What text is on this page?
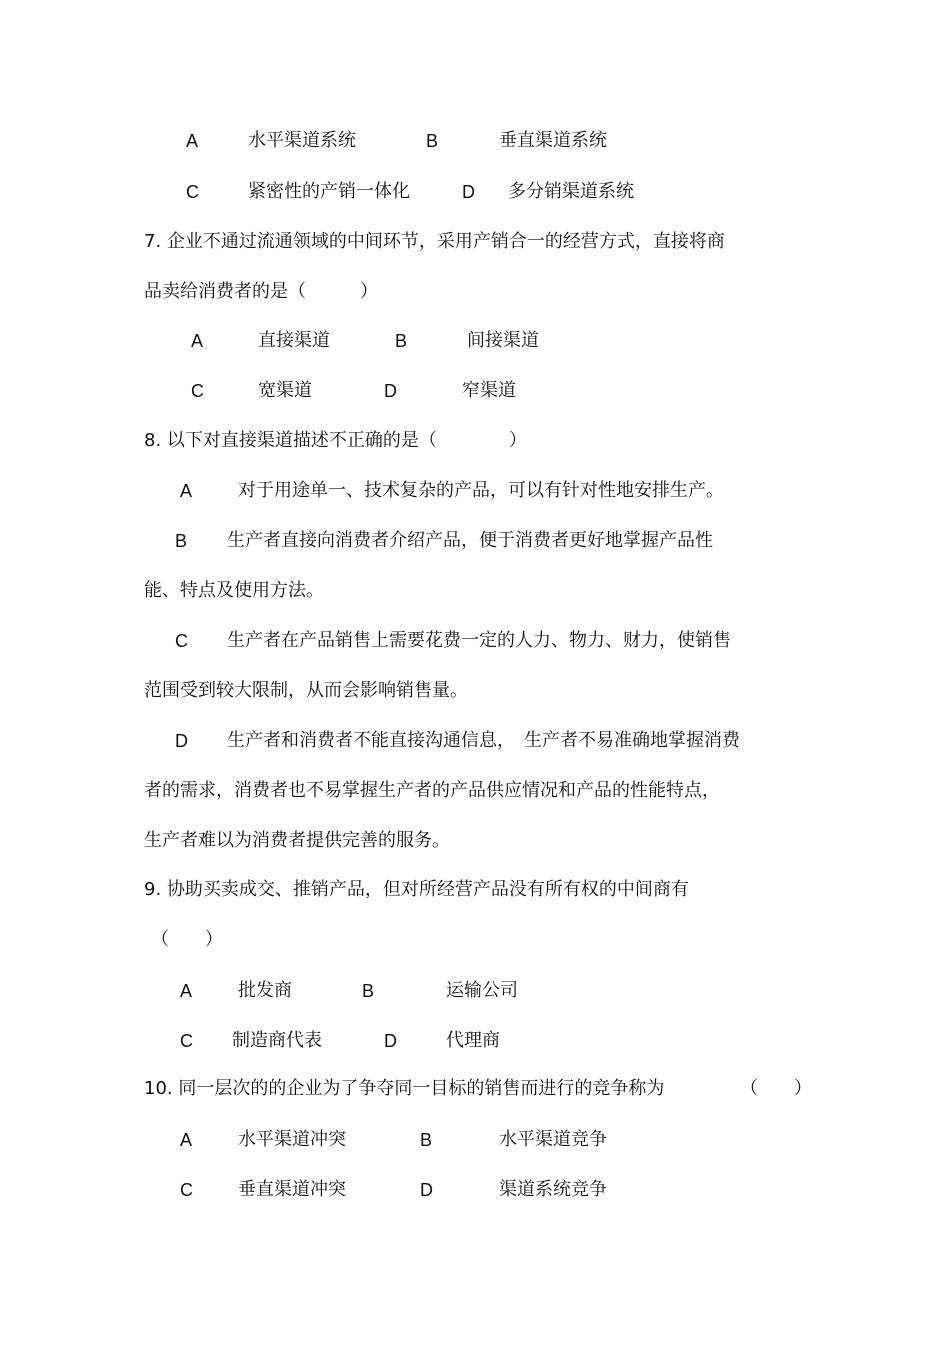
A	水平渠道系统	B	垂直渠道系统
C	紧密性的产销一体化	D 多分销渠道系统
7. 企业不通过流通领域的中间环节，采用产销合一的经营方式，直接将商
品卖给消费者的是（　　　）
A	直接渠道	B	间接渠道
C	宽渠道	D	窄渠道
8. 以下对直接渠道描述不正确的是（　　　　）
A	对于用途单一、技术复杂的产品，可以有针对性地安排生产。
B 生产者直接向消费者介绍产品，便于消费者更好地掌握产品性
能、特点及使用方法。
C 生产者在产品销售上需要花费一定的人力、物力、财力，使销售
范围受到较大限制，从而会影响销售量。
D 生产者和消费者不能直接沟通信息，　生产者不易准确地掌握消费
者的需求，消费者也不易掌握生产者的产品供应情况和产品的性能特点，
生产者难以为消费者提供完善的服务。
9. 协助买卖成交、推销产品，但对所经营产品没有所有权的中间商有
（　　）
A	批发商	B	运输公司
C 制造商代表	D	代理商
10. 同一层次的的企业为了争夺同一目标的销售而进行的竞争称为	（　　）
A	水平渠道冲突	B	水平渠道竞争
C	垂直渠道冲突	D	渠道系统竞争
